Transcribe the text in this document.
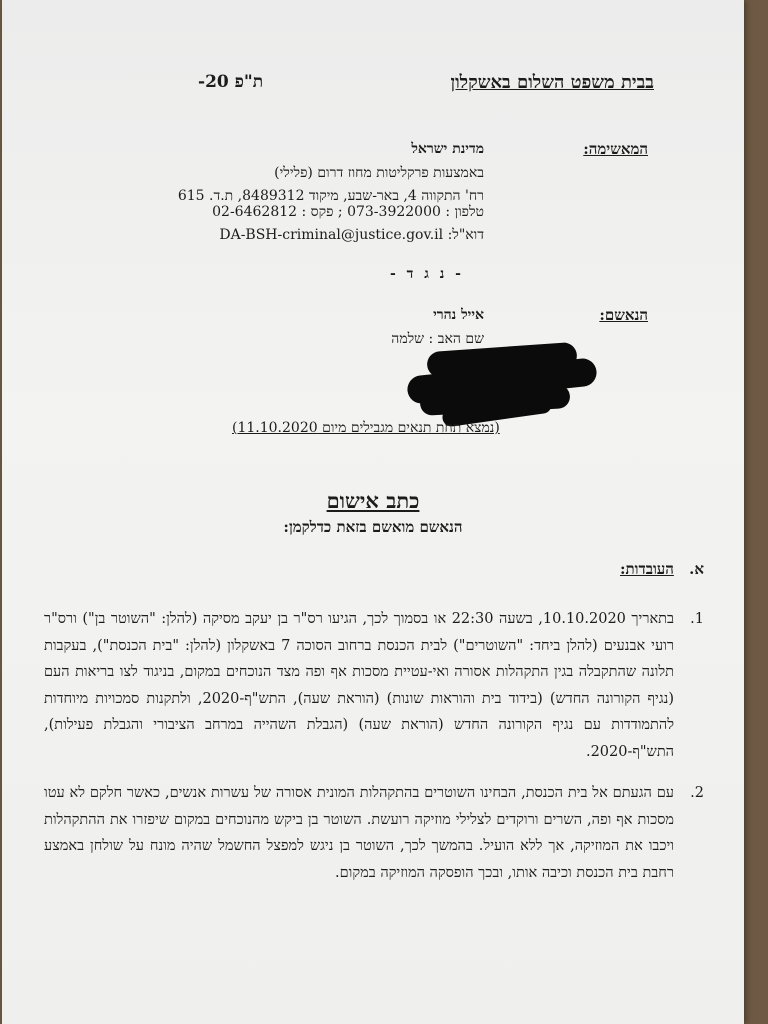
בבית משפט השלום באשקלון
ת"פ 20-
המאשימה:
מדינת ישראל
באמצעות פרקליטות מחוז דרום (פלילי)
רח' התקווה 4, באר-שבע, מיקוד 8489312, ת.ד. 615
טלפון : 073-3922000 ; פקס : 02-6462812
דוא"ל: DA-BSH-criminal@justice.gov.il
- נ ג ד -
הנאשם:
אייל נהרי
שם האב : שלמה
(נמצא תחת תנאים מגבילים מיום 11.10.2020)
כתב אישום
הנאשם מואשם בזאת כדלקמן:
א. העובדות:
1.
בתאריך 10.10.2020, בשעה 22:30 או בסמוך לכך, הגיעו רס"ר בן יעקב מסיקה (להלן: "השוטר בן") ורס"ר רועי אבנעים (להלן ביחד: "השוטרים") לבית הכנסת ברחוב הסוכה 7 באשקלון (להלן: "בית הכנסת"), בעקבות תלונה שהתקבלה בגין התקהלות אסורה ואי-עטיית מסכות אף ופה מצד הנוכחים במקום, בניגוד לצו בריאות העם (נגיף הקורונה החדש) (בידוד בית והוראות שונות) (הוראת שעה), התש"ף-2020, ולתקנות סמכויות מיוחדות להתמודדות עם נגיף הקורונה החדש (הוראת שעה) (הגבלת השהייה במרחב הציבורי והגבלת פעילות), התש"ף-2020.
2.
עם הגעתם אל בית הכנסת, הבחינו השוטרים בהתקהלות המונית אסורה של עשרות אנשים, כאשר חלקם לא עטו מסכות אף ופה, השרים ורוקדים לצלילי מוזיקה רועשת. השוטר בן ביקש מהנוכחים במקום שיפזרו את ההתקהלות ויכבו את המוזיקה, אך ללא הועיל. בהמשך לכך, השוטר בן ניגש למפצל החשמל שהיה מונח על שולחן באמצע רחבת בית הכנסת וכיבה אותו, ובכך הופסקה המוזיקה במקום.
